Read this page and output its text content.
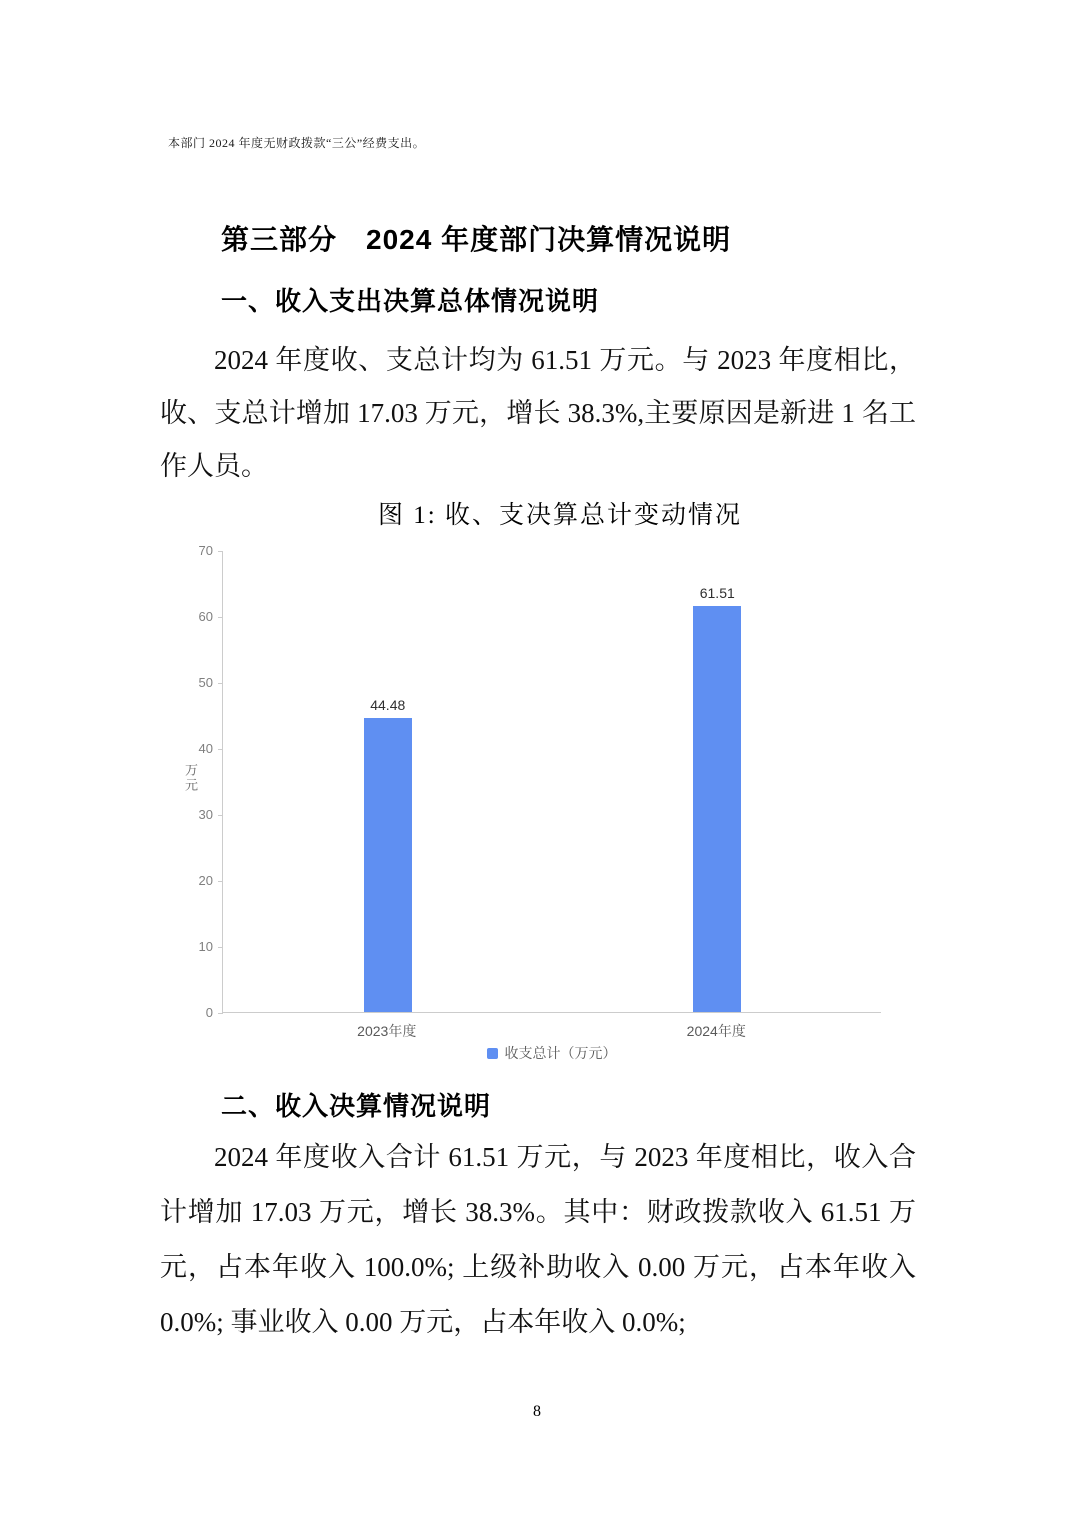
本部门 2024 年度无财政拨款“三公”经费支出。
第三部分　2024 年度部门决算情况说明
一、收入支出决算总体情况说明

2024 年度收、支总计均为 61.51 万元。与 2023 年度相比，收、支总计增加 17.03 万元，增长 38.3%,主要原因是新进 1 名工作人员。

图 1: 收、支决算总计变动情况
万元
44.48
61.51
收支总计（万元）
0
10
20
30
40
50
60
70
2023年度	2024年度
二、收入决算情况说明

2024 年度收入合计 61.51 万元，与 2023 年度相比，收入合计增加 17.03 万元，增长 38.3%。其中：财政拨款收入 61.51 万元，占本年收入 100.0%; 上级补助收入 0.00 万元，占本年收入 0.0%; 事业收入 0.00 万元，占本年收入 0.0%;

8
